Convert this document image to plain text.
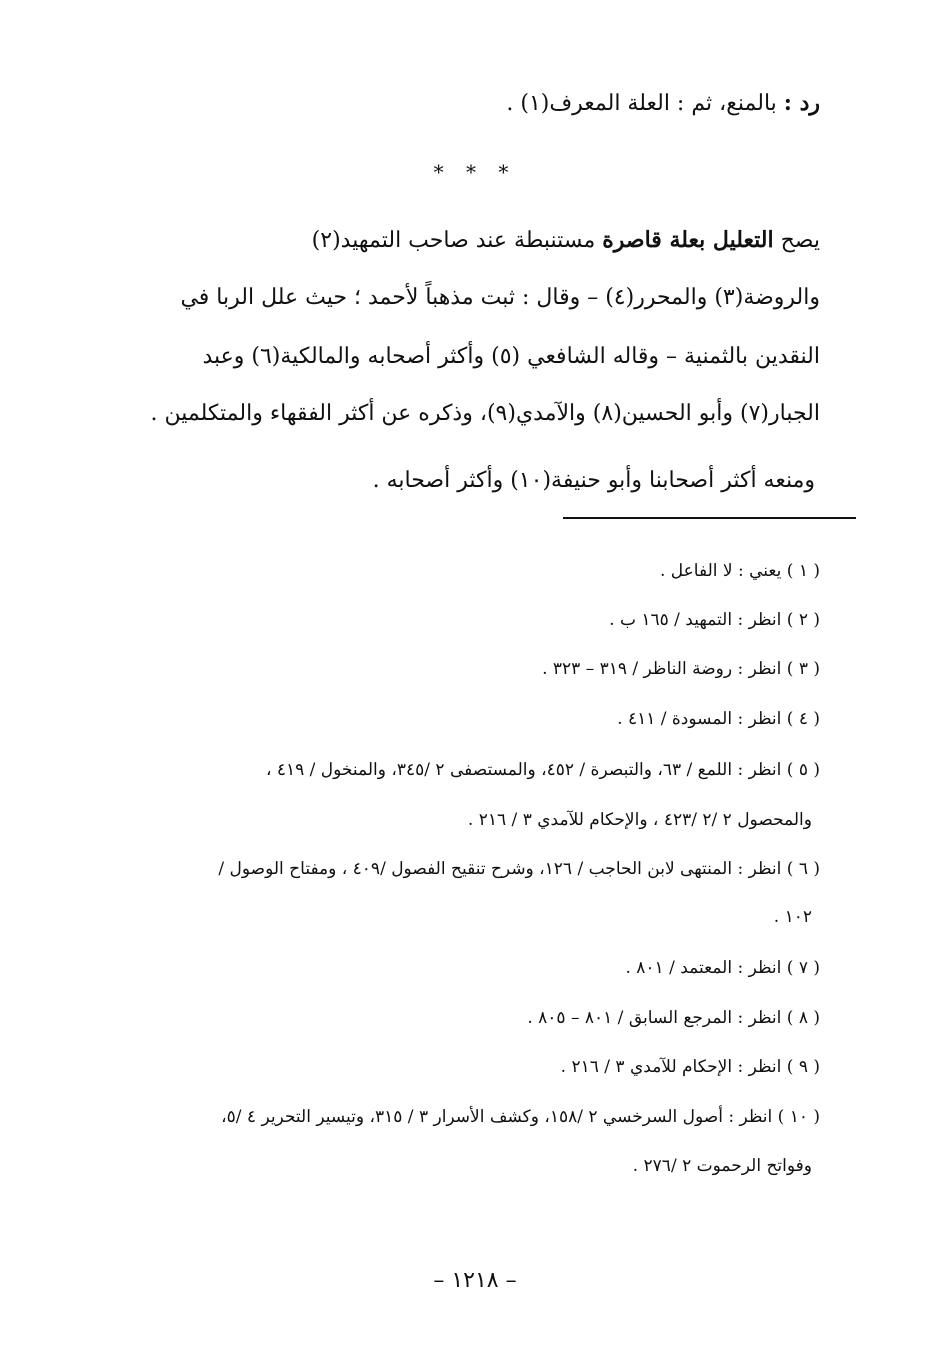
رد : بالمنع، ثم : العلة المعرف(١) .
* * *
يصح التعليل بعلة قاصرة مستنبطة عند صاحب التمهيد(٢)
والروضة(٣) والمحرر(٤) – وقال : ثبت مذهباً لأحمد ؛ حيث علل الربا في
النقدين بالثمنية – وقاله الشافعي (٥) وأكثر أصحابه والمالكية(٦) وعبد
الجبار(٧) وأبو الحسين(٨) والآمدي(٩)، وذكره عن أكثر الفقهاء والمتكلمين .
ومنعه أكثر أصحابنا وأبو حنيفة(١٠) وأكثر أصحابه .
( ١ ) يعني : لا الفاعل .
( ٢ ) انظر : التمهيد / ١٦٥ ب .
( ٣ ) انظر : روضة الناظر / ٣١٩ – ٣٢٣ .
( ٤ ) انظر : المسودة / ٤١١ .
( ٥ ) انظر : اللمع / ٦٣، والتبصرة / ٤٥٢، والمستصفى ٢ /٣٤٥، والمنخول / ٤١٩ ،
والمحصول ٢ /٢ /٤٢٣ ، والإحكام للآمدي ٣ / ٢١٦ .
( ٦ ) انظر : المنتهى لابن الحاجب / ١٢٦، وشرح تنقيح الفصول /٤٠٩ ، ومفتاح الوصول /
١٠٢ .
( ٧ ) انظر : المعتمد / ٨٠١ .
( ٨ ) انظر : المرجع السابق / ٨٠١ – ٨٠٥ .
( ٩ ) انظر : الإحكام للآمدي ٣ / ٢١٦ .
( ١٠ ) انظر : أصول السرخسي ٢ /١٥٨، وكشف الأسرار ٣ / ٣١٥، وتيسير التحرير ٤ /٥،
وفواتح الرحموت ٢ /٢٧٦ .
– ١٢١٨ –
